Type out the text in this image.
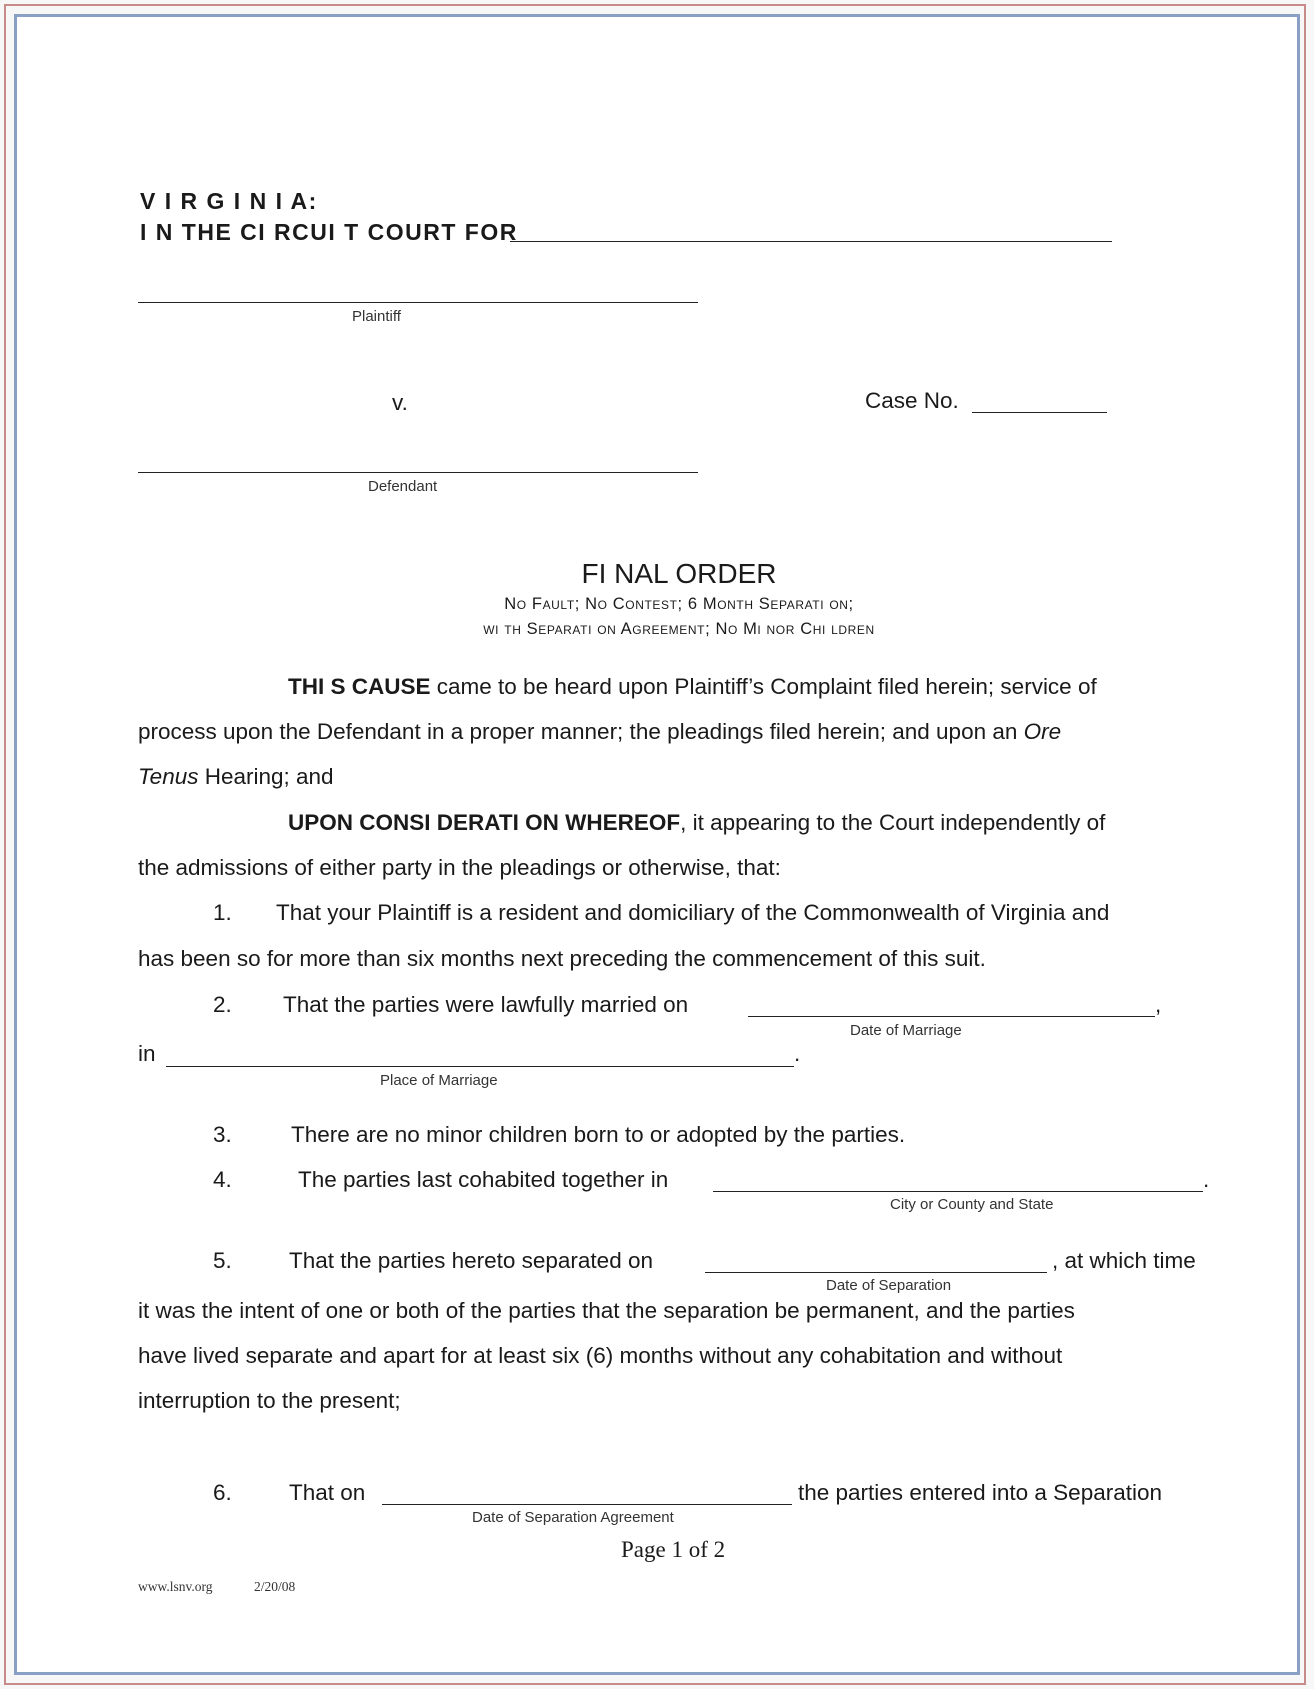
V I R G I N I A:
I N THE CI RCUI T COURT FOR
Plaintiff
v.	Case No.
Defendant
FI NAL ORDER
No Fault; No Contest; 6 Month Separati on;
wi th Separati on Agreement; No Mi nor Chi ldren
THI S CAUSE came to be heard upon Plaintiff’s Complaint filed herein; service of
process upon the Defendant in a proper manner; the pleadings filed herein; and upon an Ore
Tenus Hearing; and
UPON CONSI DERATI ON WHEREOF, it appearing to the Court independently of
the admissions of either party in the pleadings or otherwise, that:
1. That your Plaintiff is a resident and domiciliary of the Commonwealth of Virginia and
has been so for more than six months next preceding the commencement of this suit.
2. That the parties were lawfully married on	,
Date of Marriage
in	.
Place of Marriage
3.	There are no minor children born to or adopted by the parties.
4.	The parties last cohabited together in	.
City or County and State
5.	That the parties hereto separated on	, at which time
Date of Separation
it was the intent of one or both of the parties that the separation be permanent, and the parties
have lived separate and apart for at least six (6) months without any cohabitation and without
interruption to the present;
6.	That on	the parties entered into a Separation
Date of Separation Agreement
Page 1 of 2
www.lsnv.org	2/20/08
